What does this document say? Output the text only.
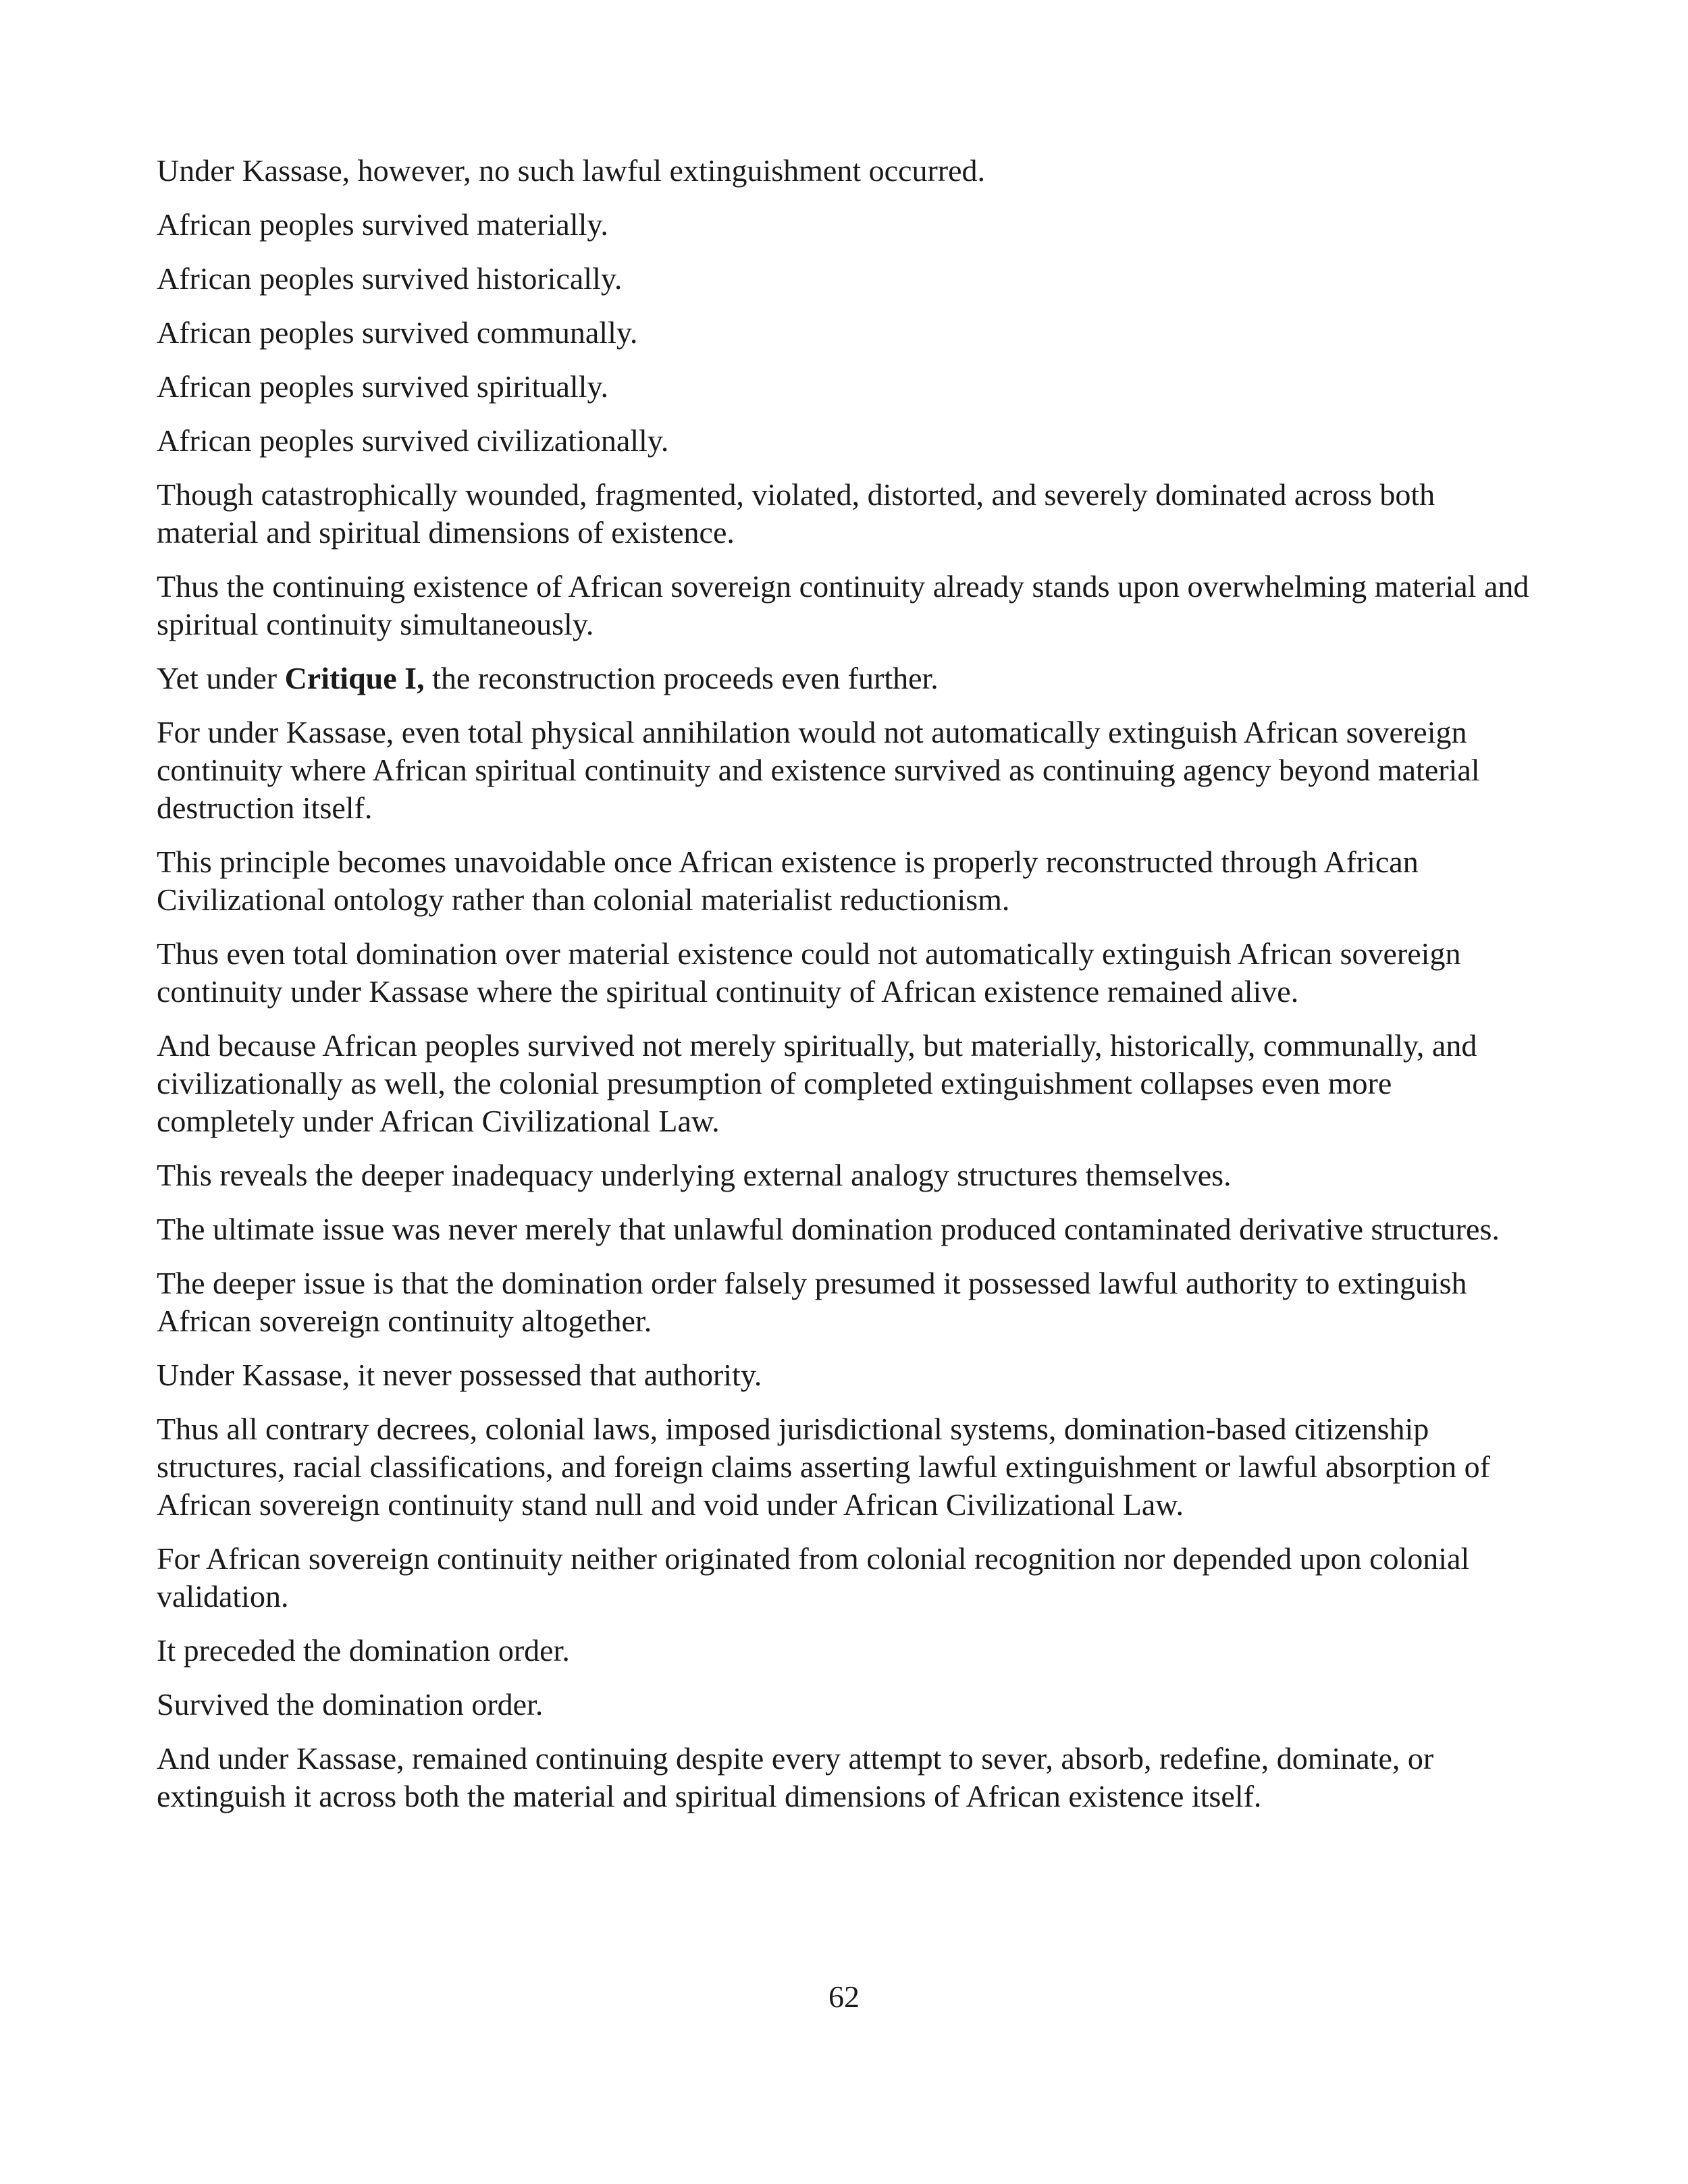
Under Kassase, however, no such lawful extinguishment occurred.

African peoples survived materially.

African peoples survived historically.

African peoples survived communally.

African peoples survived spiritually.

African peoples survived civilizationally.

Though catastrophically wounded, fragmented, violated, distorted, and severely dominated across both material and spiritual dimensions of existence.

Thus the continuing existence of African sovereign continuity already stands upon overwhelming material and spiritual continuity simultaneously.

Yet under Critique I, the reconstruction proceeds even further.

For under Kassase, even total physical annihilation would not automatically extinguish African sovereign continuity where African spiritual continuity and existence survived as continuing agency beyond material destruction itself.

This principle becomes unavoidable once African existence is properly reconstructed through African Civilizational ontology rather than colonial materialist reductionism.

Thus even total domination over material existence could not automatically extinguish African sovereign continuity under Kassase where the spiritual continuity of African existence remained alive.

And because African peoples survived not merely spiritually, but materially, historically, communally, and civilizationally as well, the colonial presumption of completed extinguishment collapses even more completely under African Civilizational Law.

This reveals the deeper inadequacy underlying external analogy structures themselves.

The ultimate issue was never merely that unlawful domination produced contaminated derivative structures.

The deeper issue is that the domination order falsely presumed it possessed lawful authority to extinguish African sovereign continuity altogether.

Under Kassase, it never possessed that authority.

Thus all contrary decrees, colonial laws, imposed jurisdictional systems, domination-based citizenship structures, racial classifications, and foreign claims asserting lawful extinguishment or lawful absorption of African sovereign continuity stand null and void under African Civilizational Law.

For African sovereign continuity neither originated from colonial recognition nor depended upon colonial validation.

It preceded the domination order.

Survived the domination order.

And under Kassase, remained continuing despite every attempt to sever, absorb, redefine, dominate, or extinguish it across both the material and spiritual dimensions of African existence itself.

62
